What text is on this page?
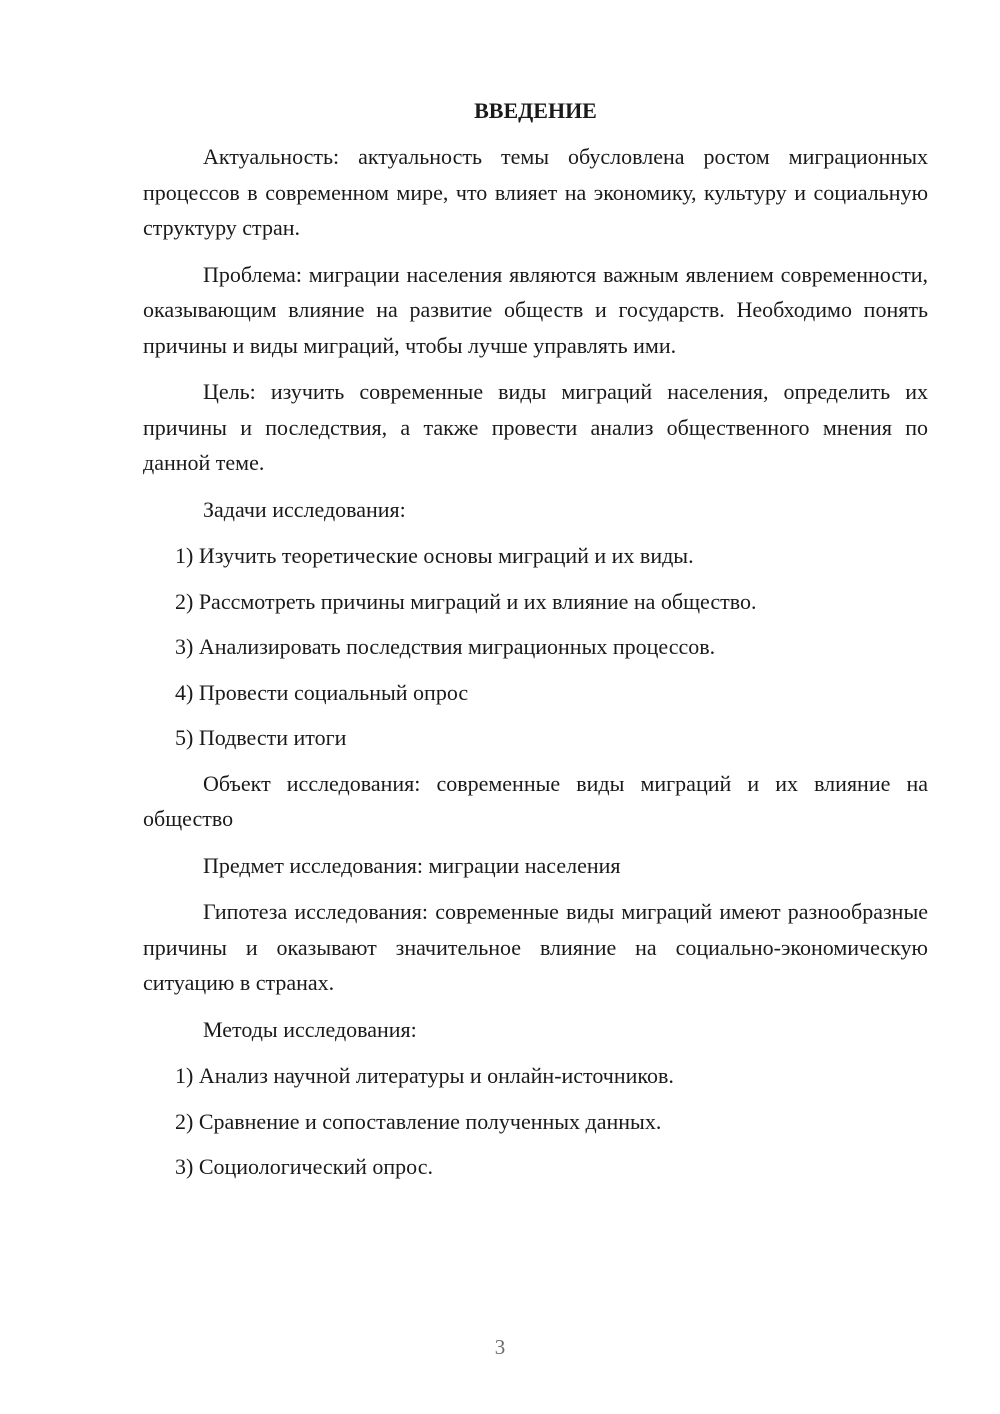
ВВЕДЕНИЕ

Актуальность: актуальность темы обусловлена ростом миграционных процессов в современном мире, что влияет на экономику, культуру и социальную структуру стран.

Проблема: миграции населения являются важным явлением современности, оказывающим влияние на развитие обществ и государств. Необходимо понять причины и виды миграций, чтобы лучше управлять ими.

Цель: изучить современные виды миграций населения, определить их причины и последствия, а также провести анализ общественного мнения по данной теме.

Задачи исследования:

1) Изучить теоретические основы миграций и их виды.
2) Рассмотреть причины миграций и их влияние на общество.
3) Анализировать последствия миграционных процессов.
4) Провести социальный опрос
5) Подвести итоги

Объект исследования: современные виды миграций и их влияние на общество

Предмет исследования: миграции населения

Гипотеза исследования: современные виды миграций имеют разнообразные причины и оказывают значительное влияние на социально-экономическую ситуацию в странах.

Методы исследования:

1) Анализ научной литературы и онлайн-источников.
2) Сравнение и сопоставление полученных данных.
3) Социологический опрос.
3
